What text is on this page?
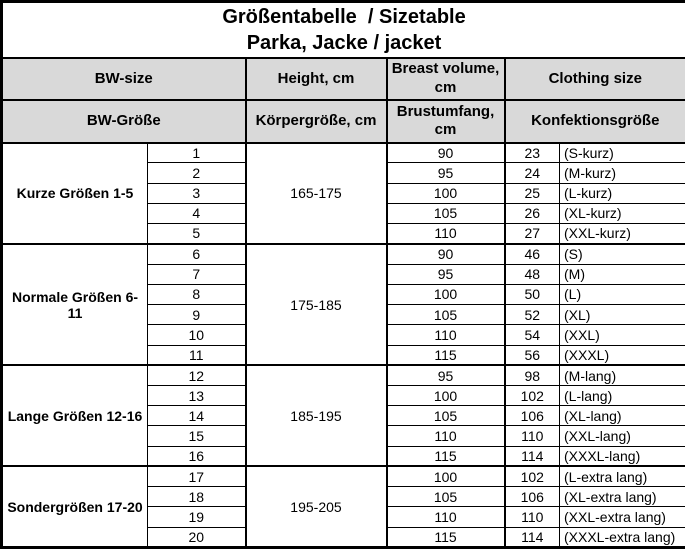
Größentabelle  / Sizetable
Parka, Jacke / jacket					

BW-size		Height, cm	Breast volume, cm	Clothing size	
BW-Größe		Körpergröße, cm	Brustumfang, cm	Konfektionsgröße	
Kurze Größen 1-5	1	165-175	90	23	(S-kurz)
	2		95	24	(M-kurz)
	3		100	25	(L-kurz)
	4		105	26	(XL-kurz)
	5		110	27	(XXL-kurz)
Normale Größen 6-11	6	175-185	90	46	(S)
	7		95	48	(M)
	8		100	50	(L)
	9		105	52	(XL)
	10		110	54	(XXL)
	11		115	56	(XXXL)
Lange Größen 12-16	12	185-195	95	98	(M-lang)
	13		100	102	(L-lang)
	14		105	106	(XL-lang)
	15		110	110	(XXL-lang)
	16		115	114	(XXXL-lang)
Sondergrößen 17-20	17	195-205	100	102	(L-extra lang)
	18		105	106	(XL-extra lang)
	19		110	110	(XXL-extra lang)
	20		115	114	(XXXL-extra lang)
